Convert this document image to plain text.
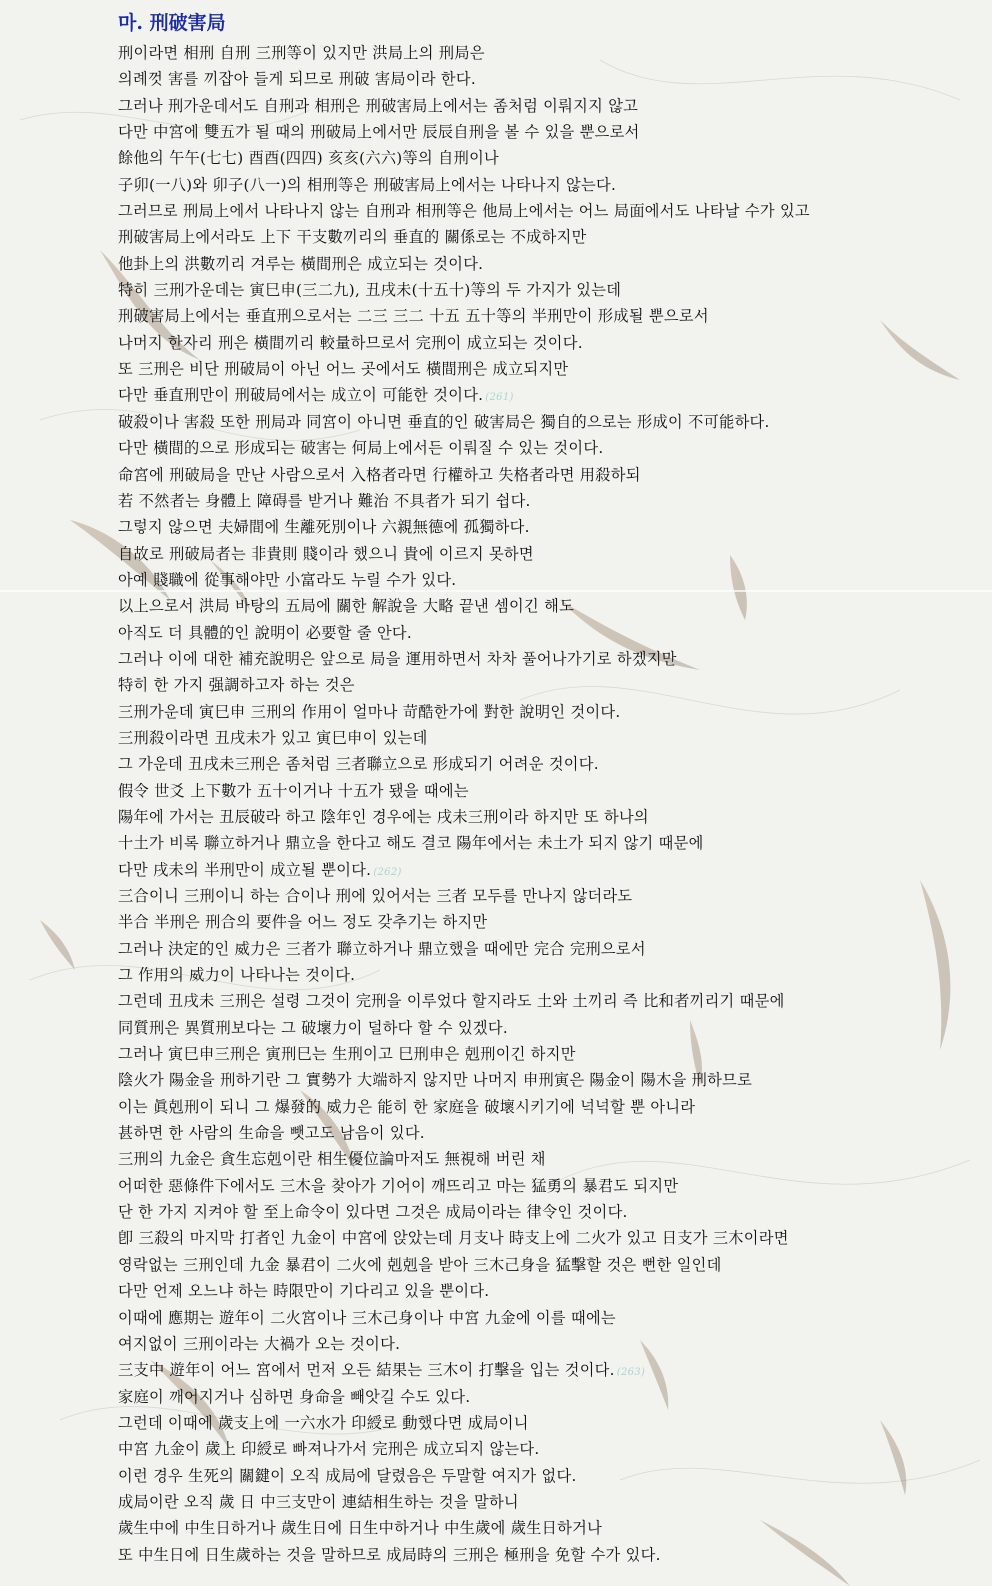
마. 刑破害局
刑이라면 相刑 自刑 三刑等이 있지만 洪局上의 刑局은
의례껏 害를 끼잡아 들게 되므로 刑破 害局이라 한다.
그러나 刑가운데서도 自刑과 相刑은 刑破害局上에서는 좀처럼 이뤄지지 않고
다만 中宮에 雙五가 될 때의 刑破局上에서만 辰辰自刑을 볼 수 있을 뿐으로서
餘他의 午午(七七) 酉酉(四四) 亥亥(六六)等의 自刑이나
子卯(一八)와 卯子(八一)의 相刑等은 刑破害局上에서는 나타나지 않는다.
그러므로 刑局上에서 나타나지 않는 自刑과 相刑等은 他局上에서는 어느 局面에서도 나타날 수가 있고
刑破害局上에서라도 上下 干支數끼리의 垂直的 關係로는 不成하지만
他卦上의 洪數끼리 겨루는 橫間刑은 成立되는 것이다.
特히 三刑가운데는 寅巳申(三二九), 丑戌未(十五十)等의 두 가지가 있는데
刑破害局上에서는 垂直刑으로서는 二三 三二 十五 五十等의 半刑만이 形成될 뿐으로서
나머지 한자리 刑은 橫間끼리 較量하므로서 完刑이 成立되는 것이다.
또 三刑은 비단 刑破局이 아닌 어느 곳에서도 橫間刑은 成立되지만
다만 垂直刑만이 刑破局에서는 成立이 可能한 것이다. (261)
破殺이나 害殺 또한 刑局과 同宮이 아니면 垂直的인 破害局은 獨自的으로는 形成이 不可能하다.
다만 橫間的으로 形成되는 破害는 何局上에서든 이뤄질 수 있는 것이다.
命宮에 刑破局을 만난 사람으로서 入格者라면 行權하고 失格者라면 用殺하되
若 不然者는 身體上 障碍를 받거나 難治 不具者가 되기 쉽다.
그렇지 않으면 夫婦間에 生離死別이나 六親無德에 孤獨하다.
自故로 刑破局者는 非貴則 賤이라 했으니 貴에 이르지 못하면
아예 賤職에 從事해야만 小富라도 누릴 수가 있다.
以上으로서 洪局 바탕의 五局에 關한 解說을 大略 끝낸 셈이긴 해도
아직도 더 具體的인 說明이 必要할 줄 안다.
그러나 이에 대한 補充說明은 앞으로 局을 運用하면서 차차 풀어나가기로 하겠지만
特히 한 가지 强調하고자 하는 것은
三刑가운데 寅巳申 三刑의 作用이 얼마나 苛酷한가에 對한 說明인 것이다.
三刑殺이라면 丑戌未가 있고 寅巳申이 있는데
그 가운데 丑戌未三刑은 좀처럼 三者聯立으로 形成되기 어려운 것이다.
假令 世爻 上下數가 五十이거나 十五가 됐을 때에는
陽年에 가서는 丑辰破라 하고 陰年인 경우에는 戌未三刑이라 하지만 또 하나의
十土가 비록 聯立하거나 鼎立을 한다고 해도 결코 陽年에서는 未土가 되지 않기 때문에
다만 戌未의 半刑만이 成立될 뿐이다. (262)
三合이니 三刑이니 하는 合이나 刑에 있어서는 三者 모두를 만나지 않더라도
半合 半刑은 刑合의 要件을 어느 정도 갖추기는 하지만
그러나 決定的인 威力은 三者가 聯立하거나 鼎立했을 때에만 完合 完刑으로서
그 作用의 威力이 나타나는 것이다.
그런데 丑戌未 三刑은 설령 그것이 完刑을 이루었다 할지라도 土와 土끼리 즉 比和者끼리기 때문에
同質刑은 異質刑보다는 그 破壞力이 덜하다 할 수 있겠다.
그러나 寅巳申三刑은 寅刑巳는 生刑이고 巳刑申은 剋刑이긴 하지만
陰火가 陽金을 刑하기란 그 實勢가 大端하지 않지만 나머지 申刑寅은 陽金이 陽木을 刑하므로
이는 眞剋刑이 되니 그 爆發的 威力은 能히 한 家庭을 破壞시키기에 넉넉할 뿐 아니라
甚하면 한 사람의 生命을 뺏고도 남음이 있다.
三刑의 九金은 貪生忘剋이란 相生優位論마저도 無視해 버린 채
어떠한 惡條件下에서도 三木을 찾아가 기어이 깨뜨리고 마는 猛勇의 暴君도 되지만
단 한 가지 지켜야 할 至上命令이 있다면 그것은 成局이라는 律令인 것이다.
卽 三殺의 마지막 打者인 九金이 中宮에 앉았는데 月支나 時支上에 二火가 있고 日支가 三木이라면
영락없는 三刑인데 九金 暴君이 二火에 剋剋을 받아 三木己身을 猛擊할 것은 뻔한 일인데
다만 언제 오느냐 하는 時限만이 기다리고 있을 뿐이다.
이때에 應期는 遊年이 二火宮이나 三木己身이나 中宮 九金에 이를 때에는
여지없이 三刑이라는 大禍가 오는 것이다.
三支中 遊年이 어느 宮에서 먼저 오든 結果는 三木이 打擊을 입는 것이다. (263)
家庭이 깨어지거나 심하면 身命을 빼앗길 수도 있다.
그런데 이때에 歲支上에 一六水가 印綬로 動했다면 成局이니
中宮 九金이 歲上 印綬로 빠져나가서 完刑은 成立되지 않는다.
이런 경우 生死의 關鍵이 오직 成局에 달렸음은 두말할 여지가 없다.
成局이란 오직 歲 日 中三支만이 連結相生하는 것을 말하니
歲生中에 中生日하거나 歲生日에 日生中하거나 中生歲에 歲生日하거나
또 中生日에 日生歲하는 것을 말하므로 成局時의 三刑은 極刑을 免할 수가 있다.
